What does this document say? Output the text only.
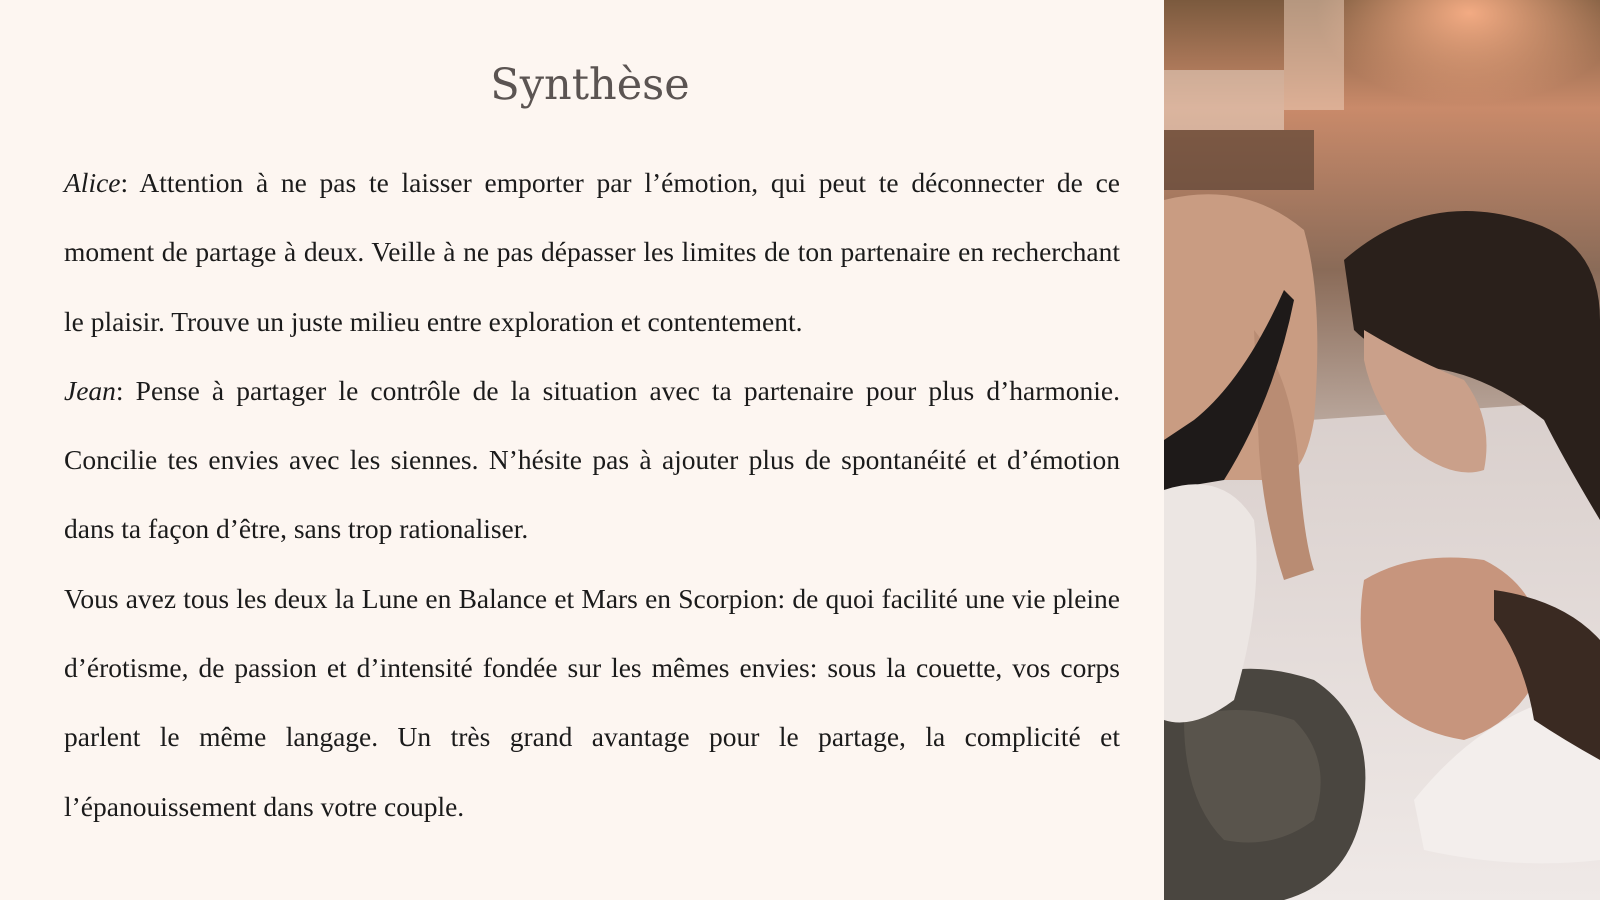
Synthèse

Alice: Attention à ne pas te laisser emporter par l’émotion, qui peut te déconnecter de ce moment de partage à deux. Veille à ne pas dépasser les limites de ton partenaire en recherchant le plaisir. Trouve un juste milieu entre exploration et contentement.

Jean: Pense à partager le contrôle de la situation avec ta partenaire pour plus d’harmonie. Concilie tes envies avec les siennes. N’hésite pas à ajouter plus de spontanéité et d’émotion dans ta façon d’être, sans trop rationaliser.

Vous avez tous les deux la Lune en Balance et Mars en Scorpion: de quoi facilité une vie pleine d’érotisme, de passion et d’intensité fondée sur les mêmes envies: sous la couette, vos corps parlent le même langage. Un très grand avantage pour le partage, la complicité et l’épanouissement dans votre couple.
